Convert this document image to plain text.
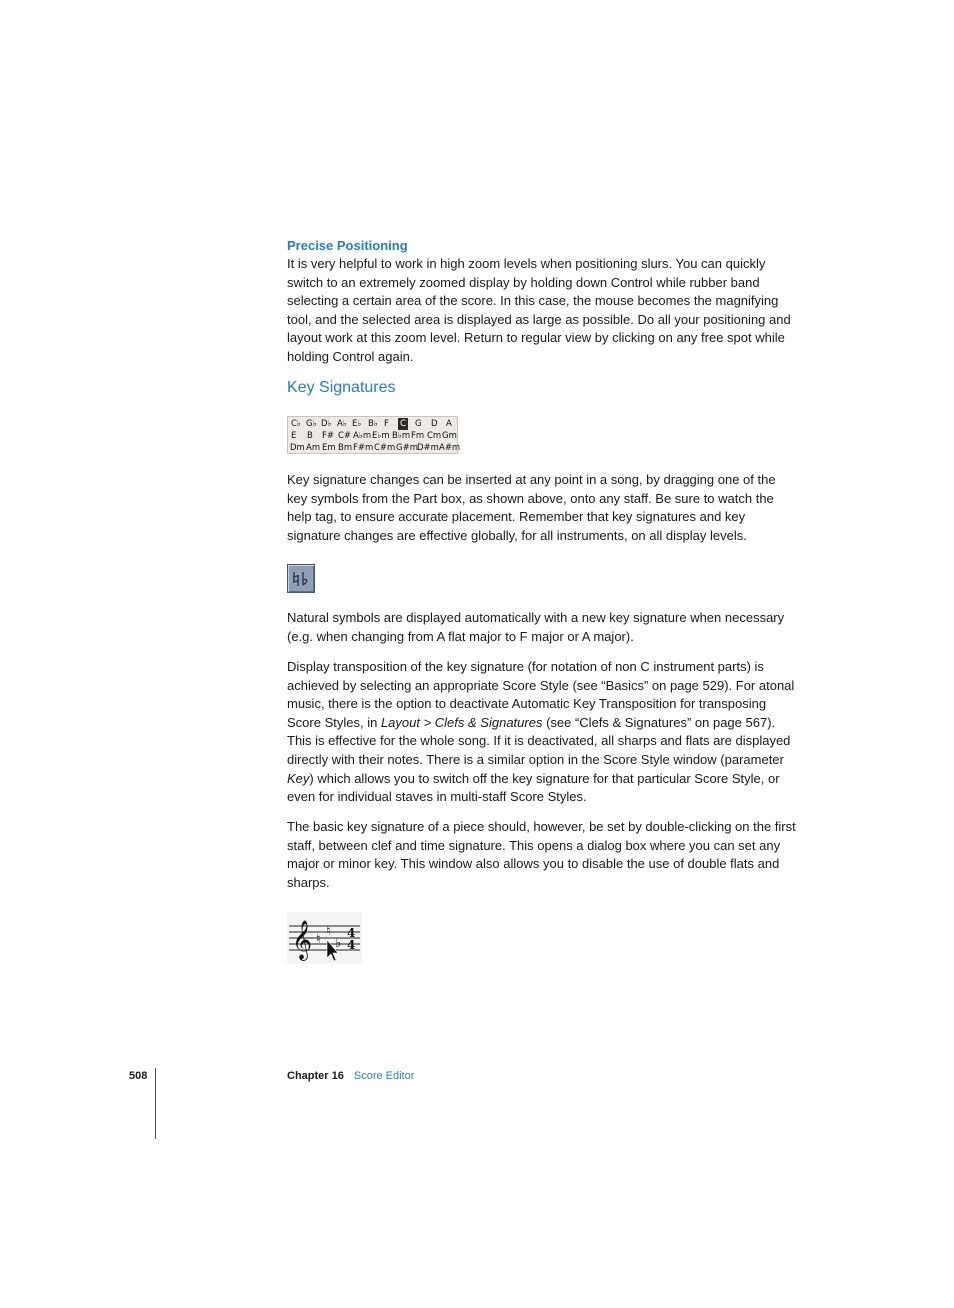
Precise Positioning

It is very helpful to work in high zoom levels when positioning slurs. You can quickly switch to an extremely zoomed display by holding down Control while rubber band selecting a certain area of the score. In this case, the mouse becomes the magnifying tool, and the selected area is displayed as large as possible. Do all your positioning and layout work at this zoom level. Return to regular view by clicking on any free spot while holding Control again.

Key Signatures
C♭ G♭ D♭ A♭ E♭ B♭ F C G D A
E B F# C# A♭m E♭m B♭m Fm Cm Gm
Dm Am Em Bm F#m C#m G#m D#m A#m

Key signature changes can be inserted at any point in a song, by dragging one of the key symbols from the Part box, as shown above, onto any staff. Be sure to watch the help tag, to ensure accurate placement. Remember that key signatures and key signature changes are effective globally, for all instruments, on all display levels.

Natural symbols are displayed automatically with a new key signature when necessary (e.g. when changing from A flat major to F major or A major).

Display transposition of the key signature (for notation of non C instrument parts) is achieved by selecting an appropriate Score Style (see “Basics” on page 529). For atonal music, there is the option to deactivate Automatic Key Transposition for transposing Score Styles, in Layout > Clefs & Signatures (see “Clefs & Signatures” on page 567). This is effective for the whole song. If it is deactivated, all sharps and flats are displayed directly with their notes. There is a similar option in the Score Style window (parameter Key) which allows you to switch off the key signature for that particular Score Style, or even for individual staves in multi-staff Score Styles.

The basic key signature of a piece should, however, be set by double-clicking on the first staff, between clef and time signature. This opens a dialog box where you can set any major or minor key. This window also allows you to disable the use of double flats and sharps.

𝄞 ♮
♮
♭
4
4
508	Chapter 16 Score Editor
